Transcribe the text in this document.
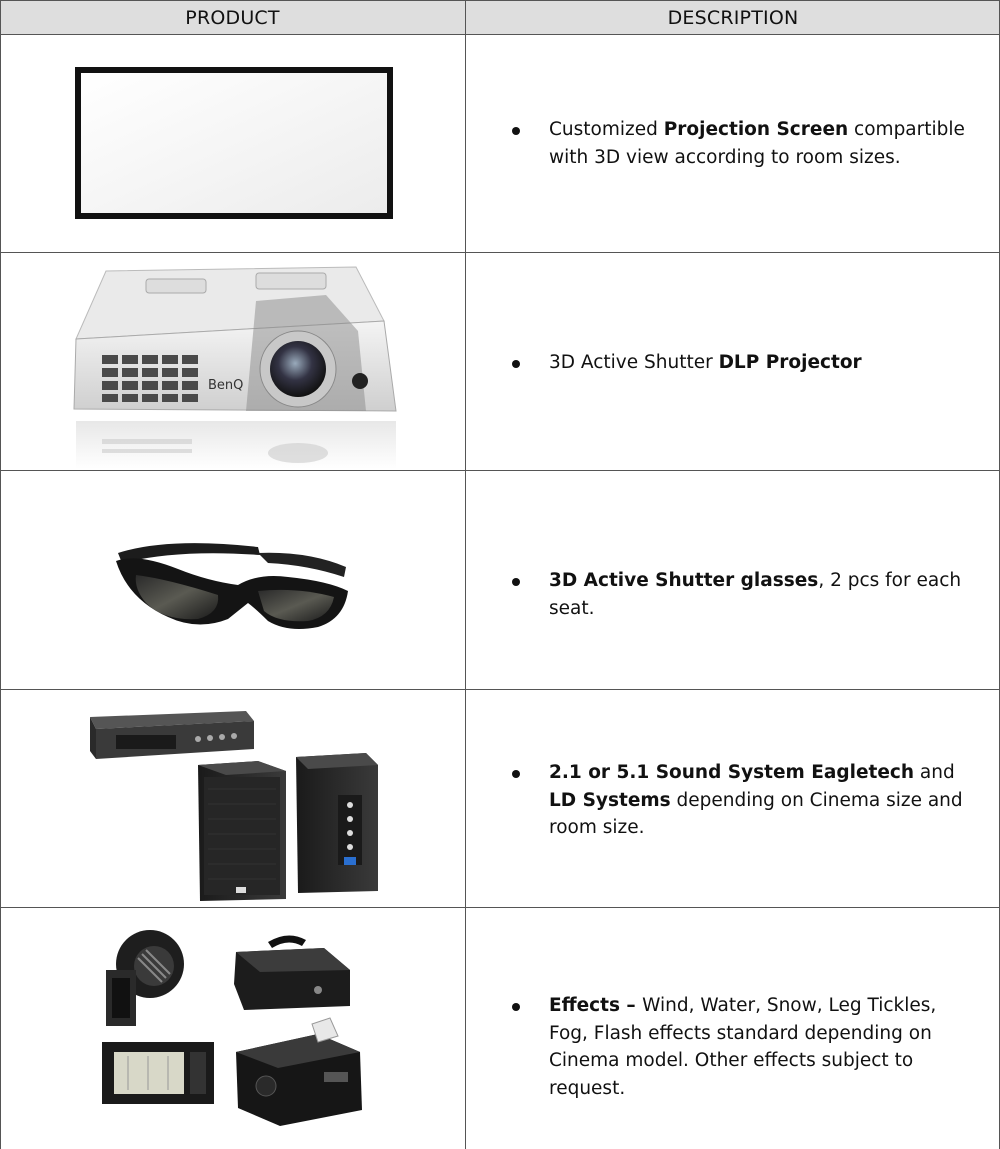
PRODUCT	DESCRIPTION
Customized Projection Screen compartible with 3D view according to room sizes.
BenQ
3D Active Shutter DLP Projector
3D Active Shutter glasses, 2 pcs for each seat.
2.1 or 5.1 Sound System Eagletech and LD Systems depending on Cinema size and room size.
Effects – Wind, Water, Snow, Leg Tickles, Fog, Flash effects standard depending on Cinema model. Other effects subject to request.
